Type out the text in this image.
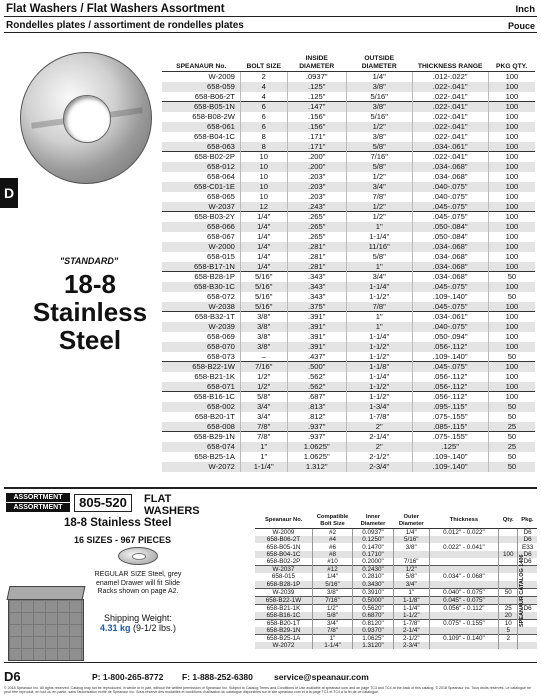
Flat Washers / Flat Washers Assortment	Inch
Rondelles plates / assortiment de rondelles plates	Pouce
D
"STANDARD"
18-8
Stainless
Steel
SPEANAUR No.	BOLT SIZE	INSIDE DIAMETER	OUTSIDE DIAMETER	THICKNESS RANGE	PKG QTY.
W-2009	2	.0937"	1/4"	.012-.022"	100
658-059	4	.125"	3/8"	.022-.041"	100
658-B06-2T	4	.125"	5/16"	.022-.041"	100
658-B05-1N	6	.147"	3/8"	.022-.041"	100
658-B08-2W	6	.156"	5/16"	.022-.041"	100
658-061	6	.156"	1/2"	.022-.041"	100
658-B04-1C	8	.171"	3/8"	.022-.041"	100
658-063	8	.171"	5/8"	.034-.061"	100
658-B02-2P	10	.200"	7/16"	.022-.041"	100
658-012	10	.200"	5/8"	.034-.068"	100
658-064	10	.203"	1/2"	.034-.068"	100
658-C01-1E	10	.203"	3/4"	.040-.075"	100
658-065	10	.203"	7/8"	.040-.075"	100
W-2037	12	.243"	1/2"	.045-.075"	100
658-B03-2Y	1/4"	.265"	1/2"	.045-.075"	100
658-066	1/4"	.265"	1"	.050-.084"	100
658-067	1/4"	.265"	1-1/4"	.050-.084"	100
W-2000	1/4"	.281"	11/16"	.034-.068"	100
658-015	1/4"	.281"	5/8"	.034-.068"	100
658-B17-1N	1/4"	.281"	1"	.034-.068"	100
658-B28-1P	5/16"	.343"	3/4"	.034-.068"	50
658-B30-1C	5/16"	.343"	1-1/4"	.045-.075"	100
658-072	5/16"	.343"	1-1/2"	.109-.140"	50
W-2038	5/16"	.375"	7/8"	.045-.075"	100
658-B32-1T	3/8"	.391"	1"	.034-.061"	100
W-2039	3/8"	.391"	1"	.040-.075"	100
658-069	3/8"	.391"	1-1/4"	.050-.094"	100
658-070	3/8"	.391"	1-1/2"	.056-.112"	100
658-073	–	.437"	1-1/2"	.109-.140"	50
658-B22-1W	7/16"	.500"	1-1/8"	.045-.075"	100
658-B21-1K	1/2"	.562"	1-1/4"	.056-.112"	100
658-071	1/2"	.562"	1-1/2"	.056-.112"	100
658-B16-1C	5/8"	.687"	1-1/2"	.056-.112"	100
658-002	3/4"	.813"	1-3/4"	.095-.115"	50
658-B20-1T	3/4"	.812"	1-7/8"	.075-.155"	50
658-008	7/8"	.937"	2"	.085-.115"	25
658-B29-1N	7/8"	.937"	2-1/4"	.075-.155"	50
658-074	1"	1.0625"	2"	.125"	25
658-B25-1A	1"	1.0625"	2-1/2"	.109-.140"	50
W-2072	1-1/4"	1.312"	2-3/4"	.109-.140"	50
ASSORTMENT
ASSORTMENT	805-520	FLAT
WASHERS
18-8 Stainless Steel
16 SIZES - 967 PIECES
REGULAR SIZE Steel, grey enamel Drawer will fit Slide Racks shown on page A2.
Shipping Weight:
4.31 kg (9-1/2 lbs.)
Speanaur No.	Compatible Bolt Size	Inner Diameter	Outer Diameter	Thickness	Qty.	Pkg.
W-2009	#2	0.0937"	1/4"	0.012" - 0.022"		D6
658-B06-2T	#4	0.1250"	5/16"			D6
658-B05-1N	#6	0.1470"	3/8"	0.022" - 0.041"		E33
658-B04-1C	#8	0.1710"			100	D6
658-B02-2P	#10	0.2000"	7/16"			D6
W-2037	#12	0.2430"	1/2"			
658-015	1/4"	0.2810"	5/8"	0.034" - 0.068"		
658-B28-1P	5/16"	0.3430"	3/4"			
W-2039	3/8"	0.3910"	1"	0.040" - 0.075"	50	
658-B22-1W	7/16"	0.5000"	1-1/8"	0.045" - 0.075"		
658-B21-1K	1/2"	0.5620"	1-1/4"	0.056" - 0.112"	25	D6
658-B16-1C	5/8"	0.6870"	1-1/2"		20	
658-B20-1T	3/4"	0.8120"	1-7/8"	0.075" - 0.155"	10	
658-B29-1N	7/8"	0.9370"	2-1/4"		5	
658-B25-1A	1"	1.0625"	2-1/2"	0.109" - 0.140"	2	
W-2072	1-1/4"	1.3120"	2-3/4"			
SPEANAUR CATALOG 1406
D6	P: 1-800-265-8772 F: 1-888-252-6380 service@speanaur.com
© 2018 Speanaur Inc. All rights reserved. Catalog may not be reproduced, in whole or in part, without the written permission of Speanaur Inc. Subject to Catalog Terms and Conditions of Use available at speanaur.com and on page TC3 and TC4 at the back of this catalog. © 2018 Speanaur Inc. Tous droits réservés. Le catalogue ne peut être reproduit, en tout ou en partie, sans l'autorisation écrite de Speanaur Inc. Sous réserve des modalités et conditions d'utilisation du catalogue disponibles sur le site speanaur.com et à la page TC3 et TC4 à la fin de ce catalogue.
